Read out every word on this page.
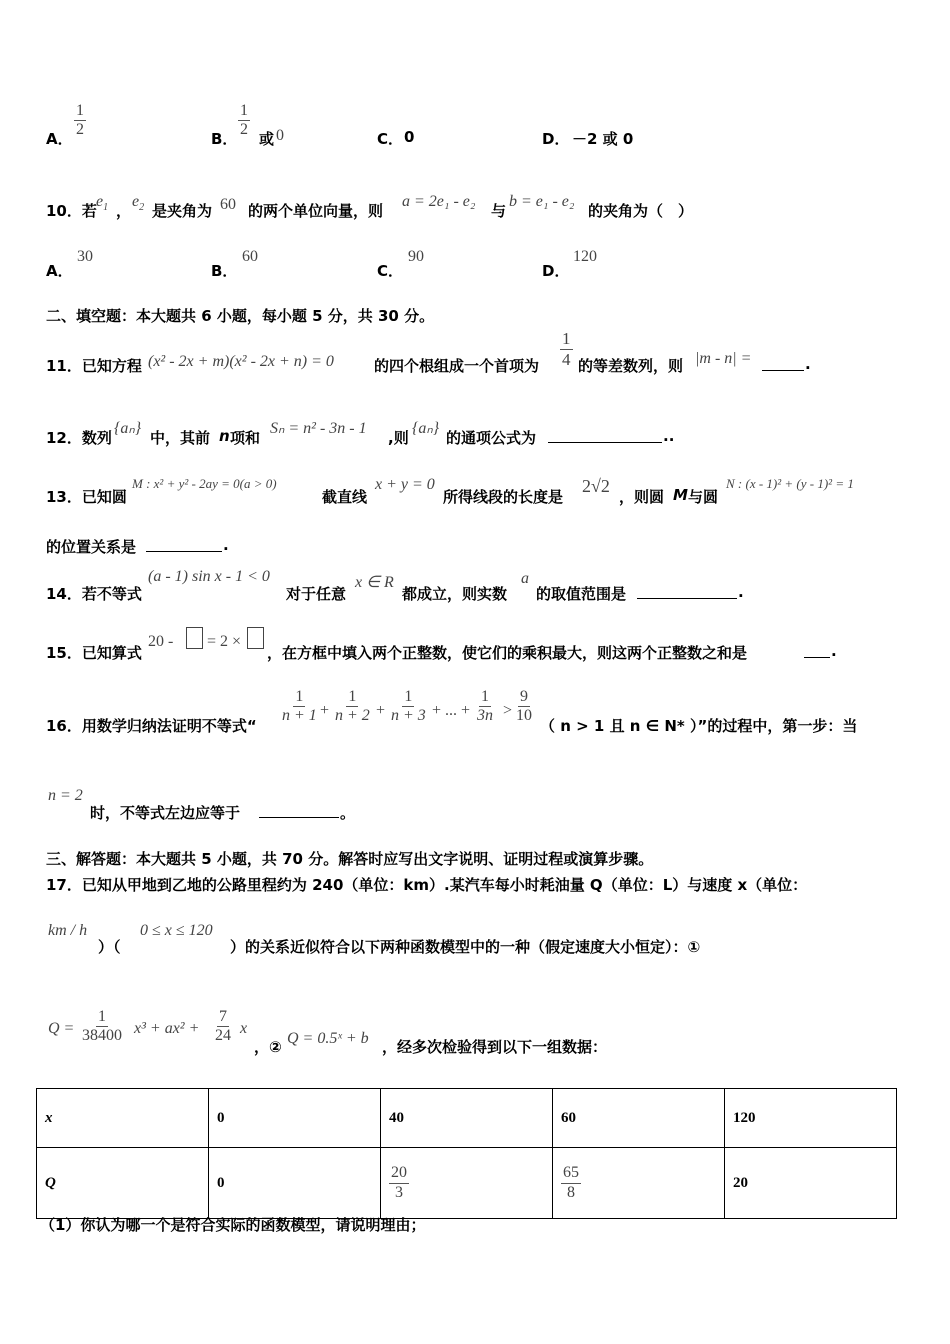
A． $\frac{1}{2}$	B． $\frac{1}{2}$ 或 0	C． 0	D． －2 或 0
10．若
$e_1$ ，
$e_2$ 是夹角为 60 的两个单位向量，则
a = 2e₁ - e₂
与
b = e₁ - e₂
的夹角为（　）
A．
30
B．
60
C．
90
D．
120
二、填空题：本大题共 6 小题，每小题 5 分，共 30 分。
11．已知方程 (x² - 2x + m)(x² - 2x + n) = 0	的四个根组成一个首项为 $\frac{1}{4}$ 的等差数列，则 |m - n| =	.
12．数列
{aₙ}
中，其前 n 项和
Sₙ = n² - 3n - 1
,则
{aₙ}
的通项公式为	..
13．已知圆
M : x² + y² - 2ay = 0(a > 0)
截直线
x + y = 0
所得线段的长度是
2√2
，则圆 M 与圆
N : (x - 1)² + (y - 1)² = 1
的位置关系是	.
14．若不等式
(a - 1) sin x - 1 < 0
对于任意
x ∈ R
都成立，则实数
a
的取值范围是	.
15．已知算式
20 - = 2 ×
，在方框中填入两个正整数，使它们的乘积最大，则这两个正整数之和是	.
16．用数学归纳法证明不等式“
$\frac{1}{n + 1} + \frac{1}{n + 2} + \frac{1}{n + 3}$ + ... + $\frac{1}{3n} > \frac{9}{10}$
（ n > 1 且 n ∈ N* ）”的过程中，第一步：当
n = 2
时，不等式左边应等于	。
三、解答题：本大题共 5 小题，共 70 分。解答时应写出文字说明、证明过程或演算步骤。
17．已知从甲地到乙地的公路里程约为 240（单位：km）.某汽车每小时耗油量 Q（单位：L）与速度 x（单位：
km / h
）（
0 ≤ x ≤ 120
）的关系近似符合以下两种函数模型中的一种（假定速度大小恒定）：①
$Q = \frac{1}{38400} x^3 + ax^2 + \frac{7}{24}$ x
，② Q = 0.5ˣ + b ，经多次检验得到以下一组数据：
x	0	40	60	120
Q	0	$\frac{20}{3}$	$\frac{65}{8}$	20
（1）你认为哪一个是符合实际的函数模型，请说明理由；
